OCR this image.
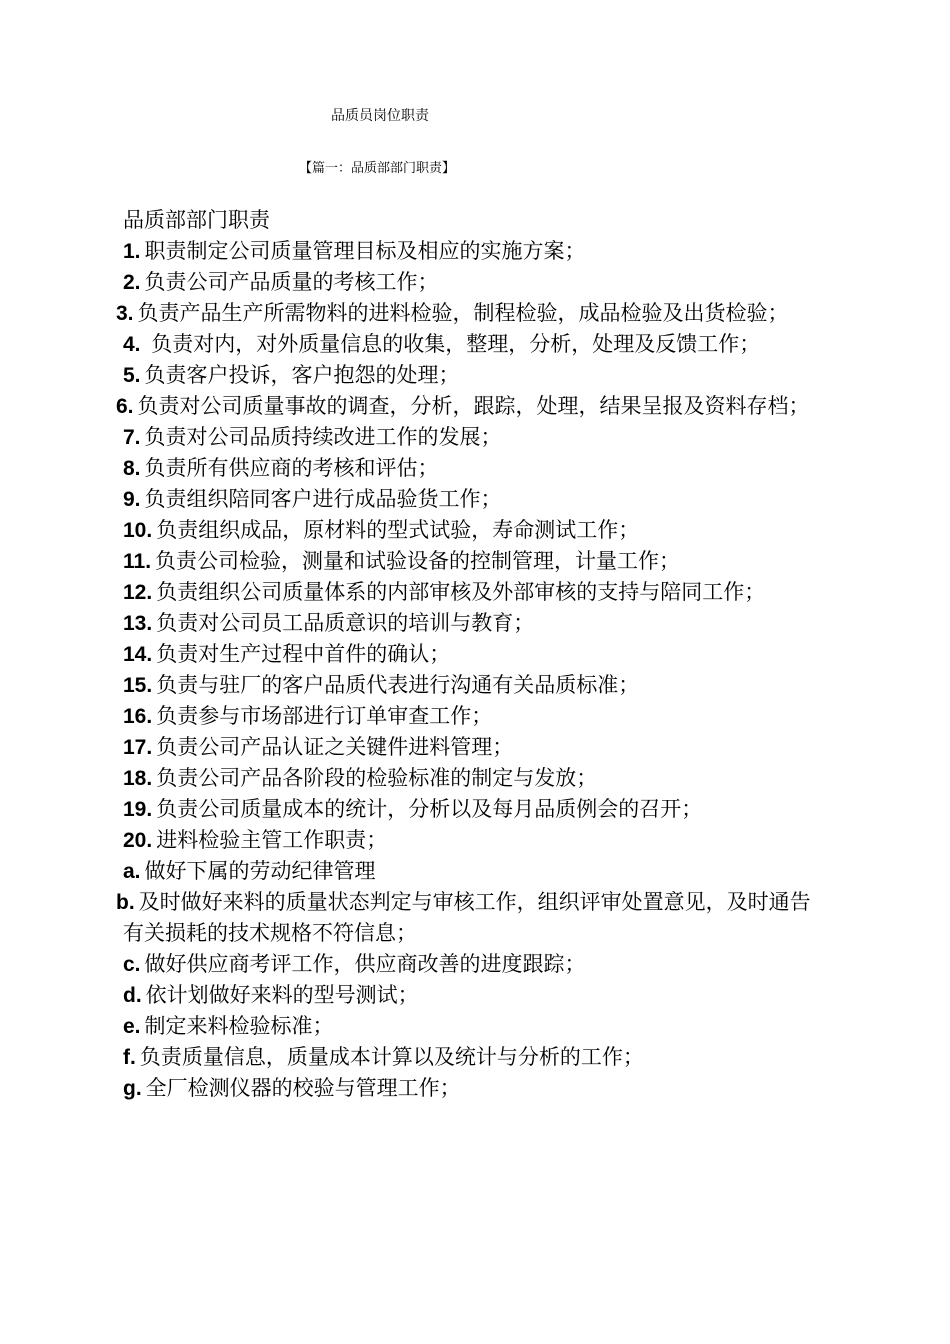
品质员岗位职责
【篇一：品质部部门职责】
品质部部门职责
1. 职责制定公司质量管理目标及相应的实施方案；
2. 负责公司产品质量的考核工作；
3. 负责产品生产所需物料的进料检验，制程检验，成品检验及出货检验；
4. 负责对内，对外质量信息的收集，整理，分析，处理及反馈工作；
5. 负责客户投诉，客户抱怨的处理；
6. 负责对公司质量事故的调查，分析，跟踪，处理，结果呈报及资料存档；
7. 负责对公司品质持续改进工作的发展；
8. 负责所有供应商的考核和评估；
9. 负责组织陪同客户进行成品验货工作；
10. 负责组织成品，原材料的型式试验，寿命测试工作；
11. 负责公司检验，测量和试验设备的控制管理，计量工作；
12. 负责组织公司质量体系的内部审核及外部审核的支持与陪同工作；
13. 负责对公司员工品质意识的培训与教育；
14. 负责对生产过程中首件的确认；
15. 负责与驻厂的客户品质代表进行沟通有关品质标准；
16. 负责参与市场部进行订单审查工作；
17. 负责公司产品认证之关键件进料管理；
18. 负责公司产品各阶段的检验标准的制定与发放；
19. 负责公司质量成本的统计，分析以及每月品质例会的召开；
20. 进料检验主管工作职责；
a. 做好下属的劳动纪律管理
b. 及时做好来料的质量状态判定与审核工作，组织评审处置意见，及时通告有关损耗的技术规格不符信息；
c. 做好供应商考评工作，供应商改善的进度跟踪；
d. 依计划做好来料的型号测试；
e. 制定来料检验标准；
f. 负责质量信息，质量成本计算以及统计与分析的工作；
g. 全厂检测仪器的校验与管理工作；
